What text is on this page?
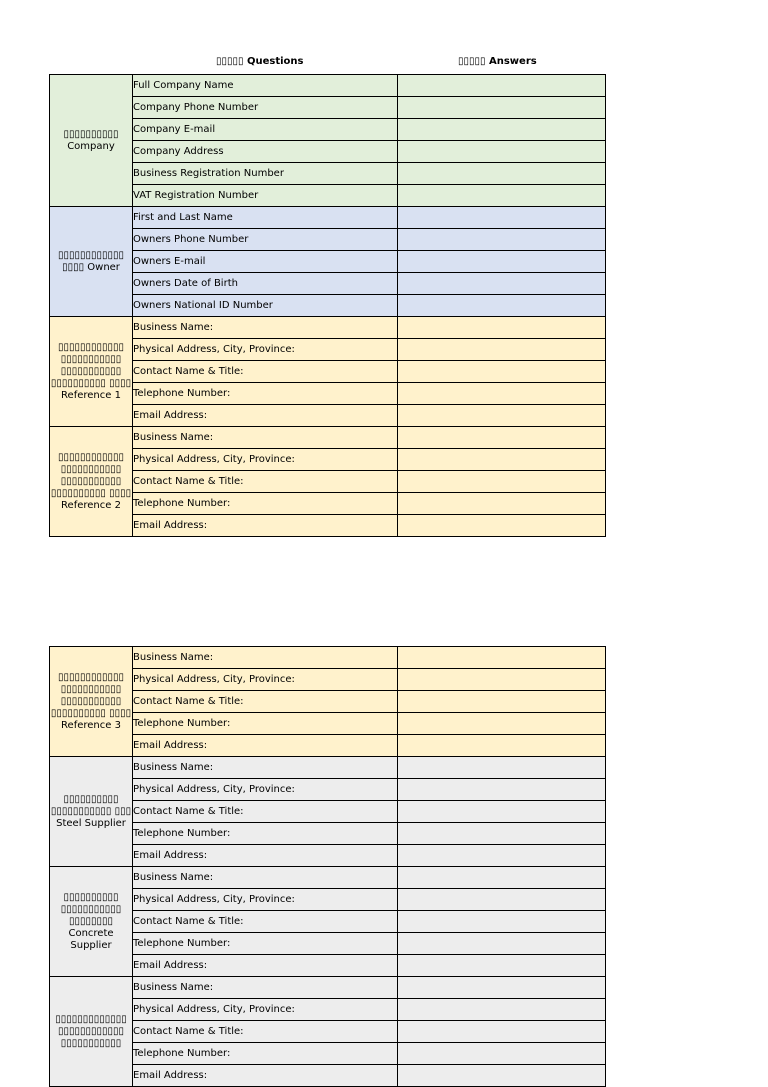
▯▯▯▯▯ Questions	▯▯▯▯▯ Answers
▯▯▯▯▯▯▯▯▯▯ Company	Full Company Name	
	Company Phone Number	
	Company E-mail	
	Company Address	
	Business Registration Number	
	VAT Registration Number	
▯▯▯▯▯▯▯▯▯▯▯▯ ▯▯▯▯ Owner	First and Last Name	
	Owners Phone Number	
	Owners E-mail	
	Owners Date of Birth	
	Owners National ID Number	
▯▯▯▯▯▯▯▯▯▯▯▯ ▯▯▯▯▯▯▯▯▯▯▯ ▯▯▯▯▯▯▯▯▯▯▯ ▯▯▯▯▯▯▯▯▯▯ ▯▯▯▯ Reference 1	Business Name:	
	Physical Address, City, Province:	
	Contact Name & Title:	
	Telephone Number:	
	Email Address:	
▯▯▯▯▯▯▯▯▯▯▯▯ ▯▯▯▯▯▯▯▯▯▯▯ ▯▯▯▯▯▯▯▯▯▯▯ ▯▯▯▯▯▯▯▯▯▯ ▯▯▯▯ Reference 2	Business Name:	
	Physical Address, City, Province:	
	Contact Name & Title:	
	Telephone Number:	
	Email Address:	
▯▯▯▯▯▯▯▯▯▯▯▯ ▯▯▯▯▯▯▯▯▯▯▯ ▯▯▯▯▯▯▯▯▯▯▯ ▯▯▯▯▯▯▯▯▯▯ ▯▯▯▯ Reference 3	Business Name:	
	Physical Address, City, Province:	
	Contact Name & Title:	
	Telephone Number:	
	Email Address:	
▯▯▯▯▯▯▯▯▯▯ ▯▯▯▯▯▯▯▯▯▯▯ ▯▯▯ Steel Supplier	Business Name:	
	Physical Address, City, Province:	
	Contact Name & Title:	
	Telephone Number:	
	Email Address:	
▯▯▯▯▯▯▯▯▯▯ ▯▯▯▯▯▯▯▯▯▯▯ ▯▯▯▯▯▯▯▯ Concrete Supplier	Business Name:	
	Physical Address, City, Province:	
	Contact Name & Title:	
	Telephone Number:	
	Email Address:	
▯▯▯▯▯▯▯▯▯▯▯▯▯ ▯▯▯▯▯▯▯▯▯▯▯▯ ▯▯▯▯▯▯▯▯▯▯▯	Business Name:	
	Physical Address, City, Province:	
	Contact Name & Title:	
	Telephone Number:	
	Email Address:	
